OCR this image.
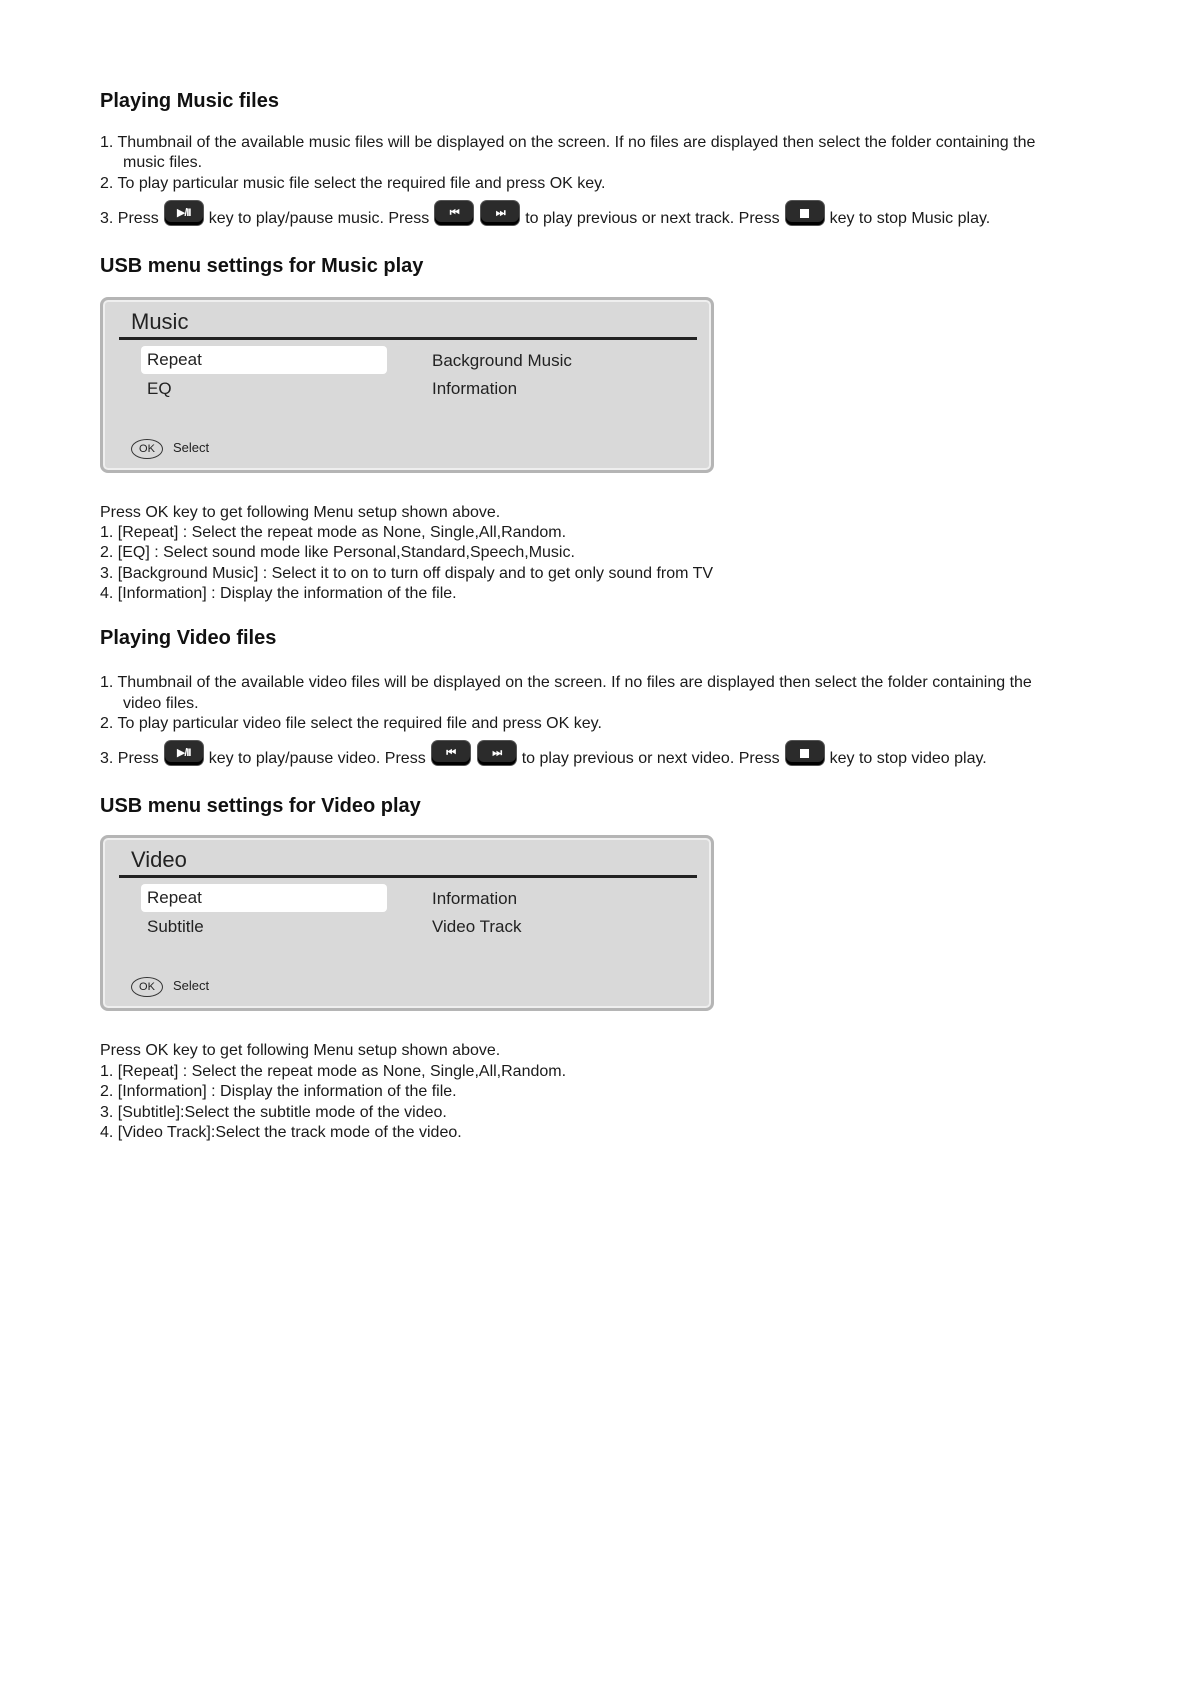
Playing Music files
1. Thumbnail of the available music files will be displayed on the screen. If no files are displayed then select the folder containing the
music files.
2. To play particular music file select the required file and press OK key.
3. Press	▶/II	key to play/pause music. Press	⏮	⏭	to play previous or next track. Press	key to stop Music play.
USB menu settings for Music play
Music
Repeat	Background Music
EQ	Information
OK	Select
Press OK key to get following Menu setup shown above.
1. [Repeat] : Select the repeat mode as None, Single,All,Random.
2. [EQ] : Select sound mode like Personal,Standard,Speech,Music.
3. [Background Music] : Select it to on to turn off dispaly and to get only sound from TV
4. [Information] : Display the information of the file.
Playing Video files
1. Thumbnail of the available video files will be displayed on the screen. If no files are displayed then select the folder containing the
video files.
2. To play particular video file select the required file and press OK key.
3. Press	▶/II	key to play/pause video. Press	⏮	⏭	to play previous or next video. Press	key to stop video play.
USB menu settings for Video play
Video
Repeat	Information
Subtitle	Video Track
OK	Select
Press OK key to get following Menu setup shown above.
1. [Repeat] : Select the repeat mode as None, Single,All,Random.
2. [Information] : Display the information of the file.
3. [Subtitle]:Select the subtitle mode of the video.
4. [Video Track]:Select the track mode of the video.
